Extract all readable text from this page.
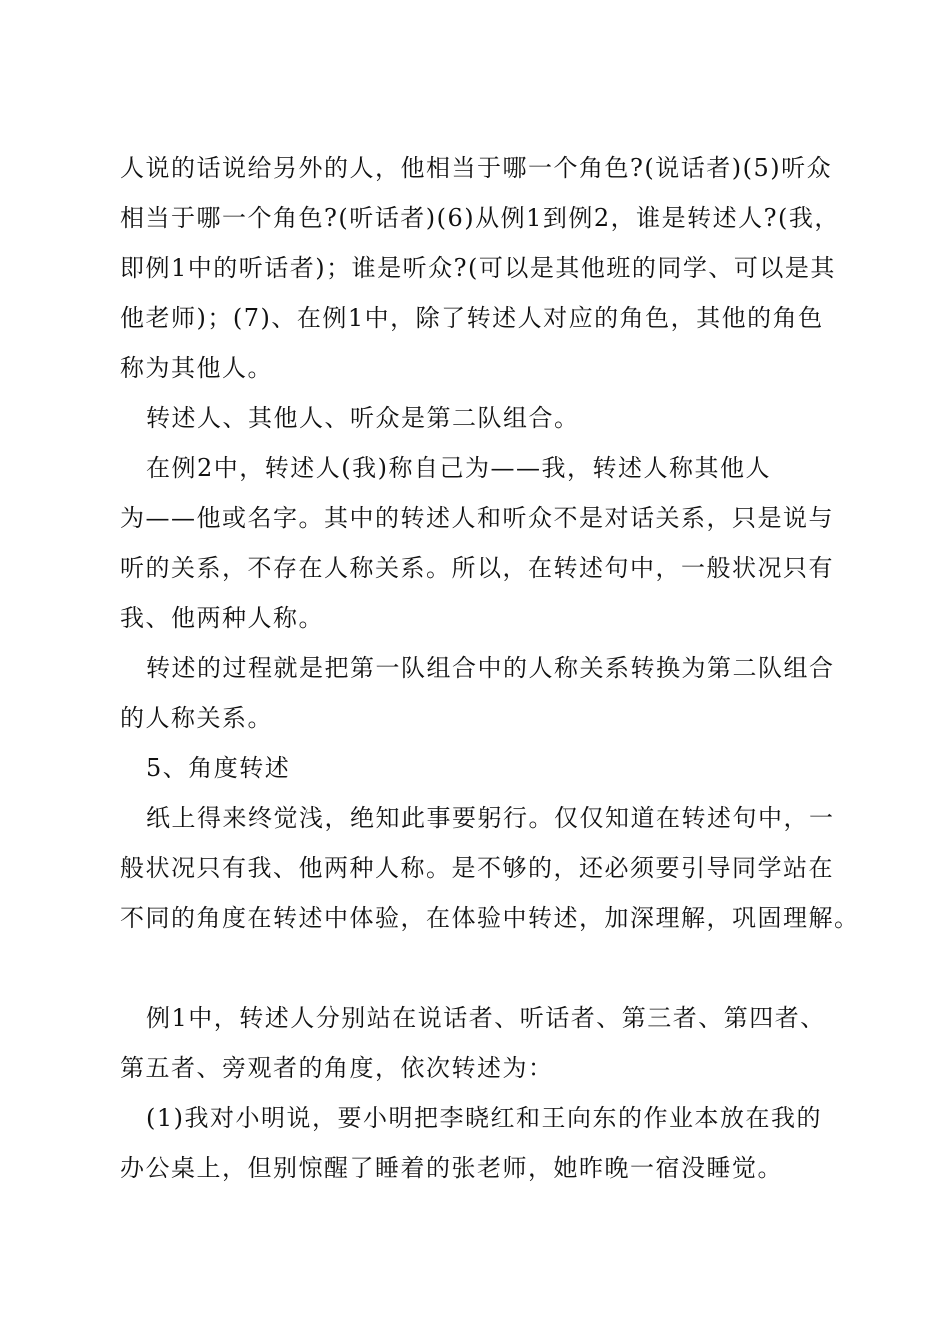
人说的话说给另外的人，他相当于哪一个角色?(说话者)(5)听众
相当于哪一个角色?(听话者)(6)从例1到例2，谁是转述人?(我，
即例1中的听话者)；谁是听众?(可以是其他班的同学、可以是其
他老师)；(7)、在例1中，除了转述人对应的角色，其他的角色
称为其他人。
转述人、其他人、听众是第二队组合。
在例2中，转述人(我)称自己为——我，转述人称其他人
为——他或名字。其中的转述人和听众不是对话关系，只是说与
听的关系，不存在人称关系。所以，在转述句中，一般状况只有
我、他两种人称。
转述的过程就是把第一队组合中的人称关系转换为第二队组合
的人称关系。
5、角度转述
纸上得来终觉浅，绝知此事要躬行。仅仅知道在转述句中，一
般状况只有我、他两种人称。是不够的，还必须要引导同学站在
不同的角度在转述中体验，在体验中转述，加深理解，巩固理解。
例1中，转述人分别站在说话者、听话者、第三者、第四者、
第五者、旁观者的角度，依次转述为：
(1)我对小明说，要小明把李晓红和王向东的作业本放在我的
办公桌上，但别惊醒了睡着的张老师，她昨晚一宿没睡觉。
